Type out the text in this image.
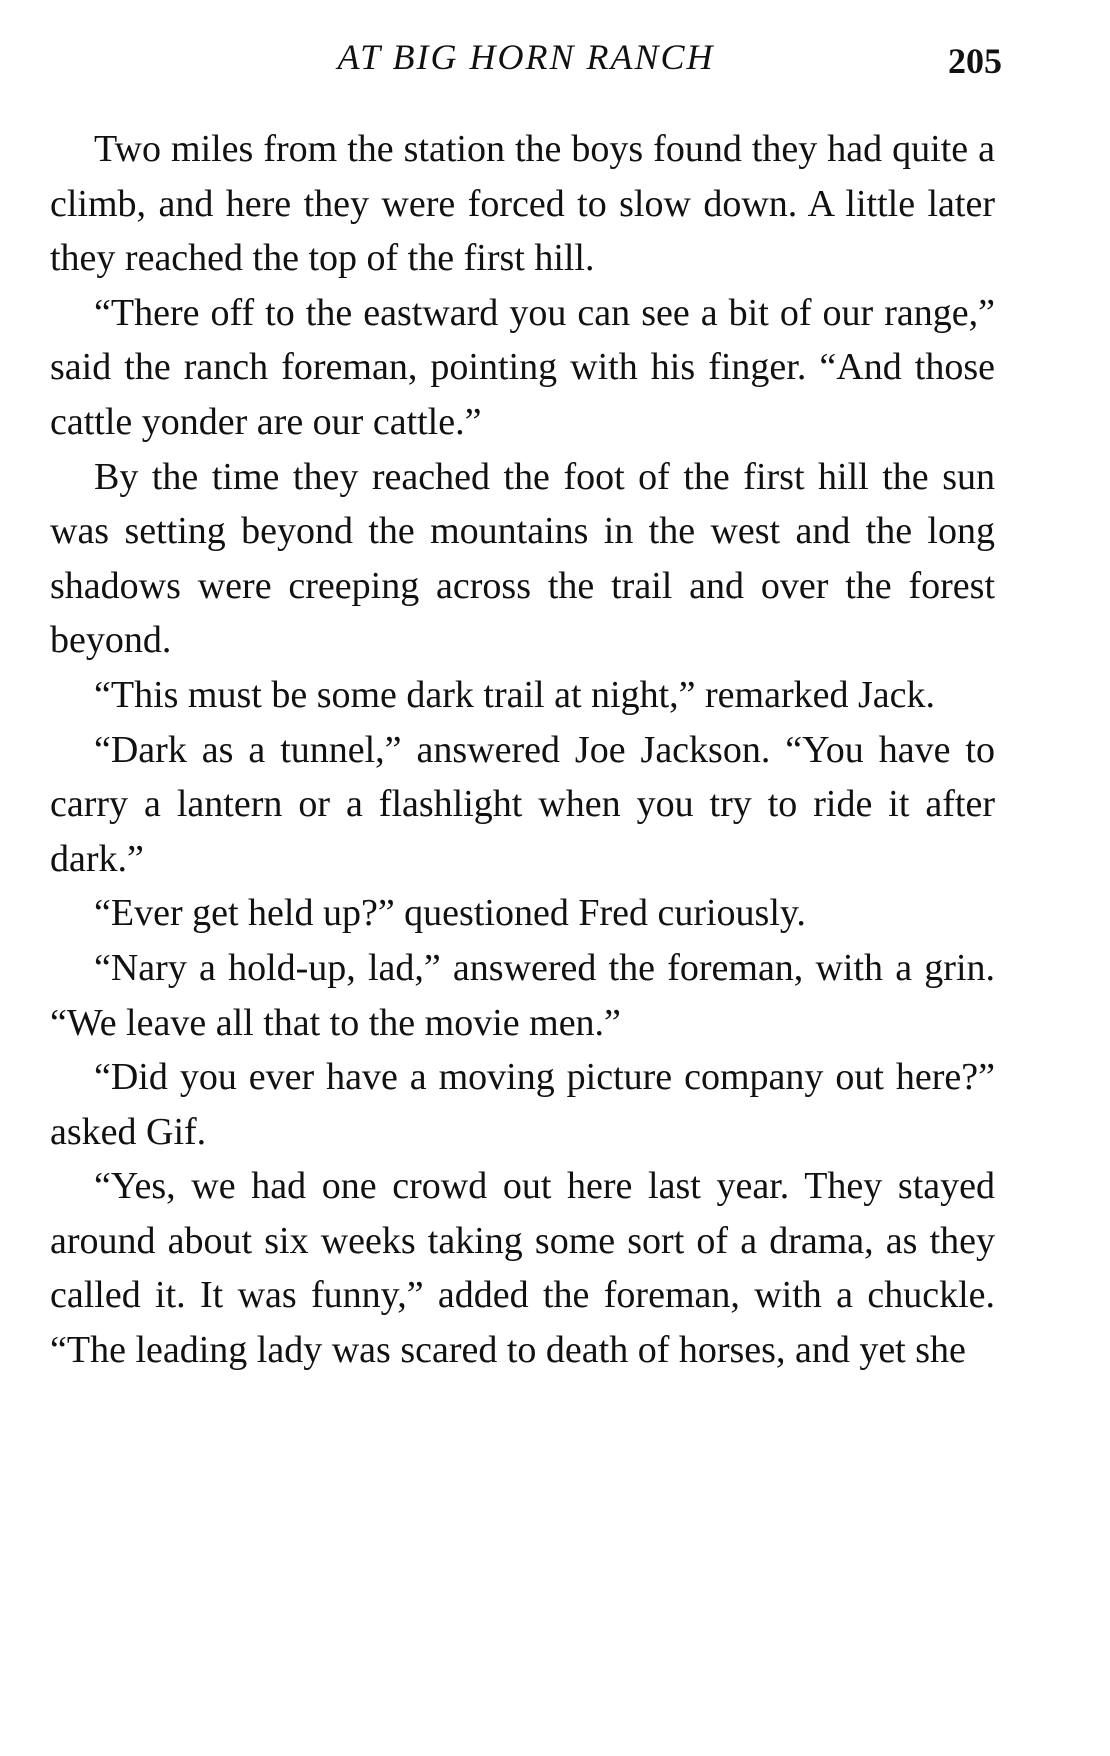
AT BIG HORN RANCH	205

Two miles from the station the boys found they had quite a climb, and here they were forced to slow down. A little later they reached the top of the first hill.

“There off to the eastward you can see a bit of our range,” said the ranch foreman, pointing with his finger. “And those cattle yonder are our cattle.”

By the time they reached the foot of the first hill the sun was setting beyond the mountains in the west and the long shadows were creeping across the trail and over the forest beyond.

“This must be some dark trail at night,” remarked Jack.

“Dark as a tunnel,” answered Joe Jackson. “You have to carry a lantern or a flashlight when you try to ride it after dark.”

“Ever get held up?” questioned Fred curiously.

“Nary a hold-up, lad,” answered the foreman, with a grin. “We leave all that to the movie men.”

“Did you ever have a moving picture company out here?” asked Gif.

“Yes, we had one crowd out here last year. They stayed around about six weeks taking some sort of a drama, as they called it. It was funny,” added the foreman, with a chuckle. “The leading lady was scared to death of horses, and yet she
